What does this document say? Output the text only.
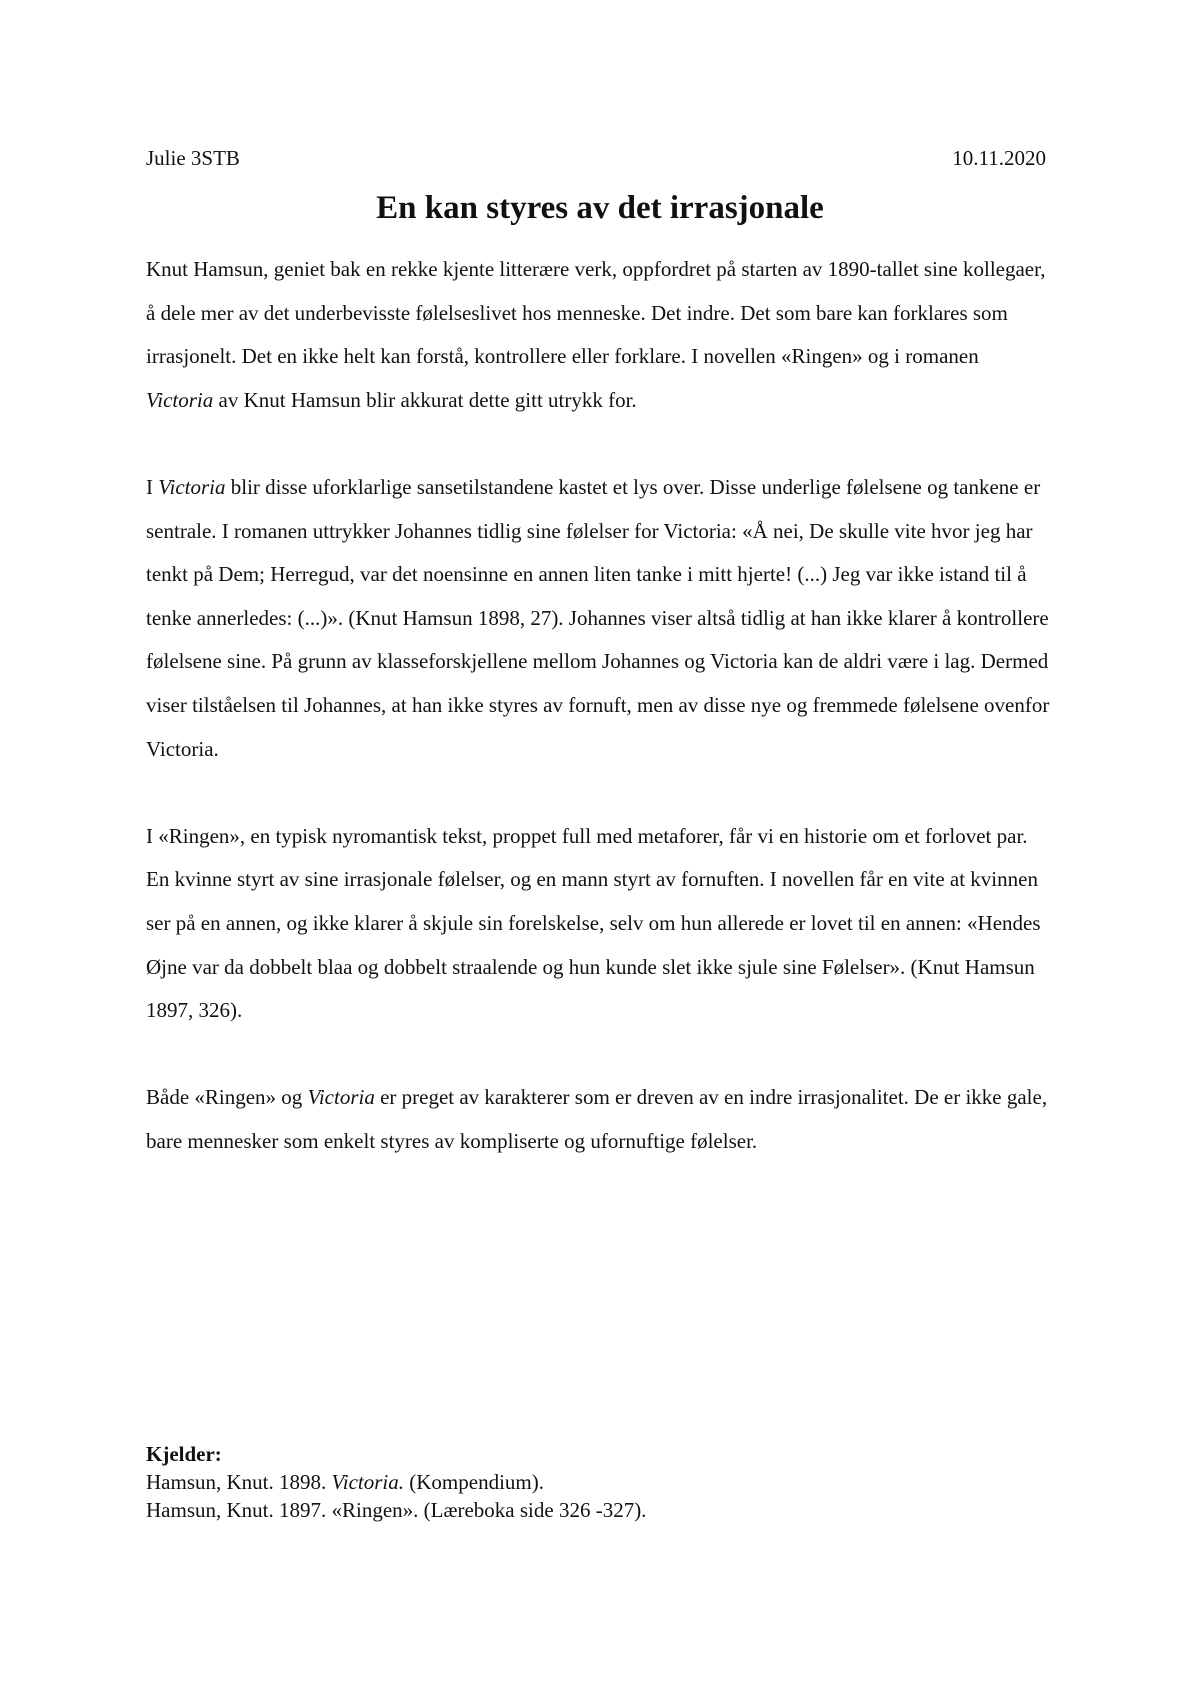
Julie 3STB	10.11.2020
En kan styres av det irrasjonale

Knut Hamsun, geniet bak en rekke kjente litterære verk, oppfordret på starten av 1890-tallet sine kollegaer, å dele mer av det underbevisste følelseslivet hos menneske. Det indre. Det som bare kan forklares som irrasjonelt. Det en ikke helt kan forstå, kontrollere eller forklare. I novellen «Ringen» og i romanen Victoria av Knut Hamsun blir akkurat dette gitt utrykk for.

I Victoria blir disse uforklarlige sansetilstandene kastet et lys over. Disse underlige følelsene og tankene er sentrale. I romanen uttrykker Johannes tidlig sine følelser for Victoria: «Å nei, De skulle vite hvor jeg har tenkt på Dem; Herregud, var det noensinne en annen liten tanke i mitt hjerte! (...) Jeg var ikke istand til å tenke annerledes: (...)». (Knut Hamsun 1898, 27). Johannes viser altså tidlig at han ikke klarer å kontrollere følelsene sine. På grunn av klasseforskjellene mellom Johannes og Victoria kan de aldri være i lag. Dermed viser tilståelsen til Johannes, at han ikke styres av fornuft, men av disse nye og fremmede følelsene ovenfor Victoria.

I «Ringen», en typisk nyromantisk tekst, proppet full med metaforer, får vi en historie om et forlovet par. En kvinne styrt av sine irrasjonale følelser, og en mann styrt av fornuften. I novellen får en vite at kvinnen ser på en annen, og ikke klarer å skjule sin forelskelse, selv om hun allerede er lovet til en annen: «Hendes Øjne var da dobbelt blaa og dobbelt straalende og hun kunde slet ikke sjule sine Følelser». (Knut Hamsun 1897, 326).

Både «Ringen» og Victoria er preget av karakterer som er dreven av en indre irrasjonalitet. De er ikke gale, bare mennesker som enkelt styres av kompliserte og ufornuftige følelser.

Kjelder:
Hamsun, Knut. 1898. Victoria. (Kompendium).
Hamsun, Knut. 1897. «Ringen». (Læreboka side 326 -327).
